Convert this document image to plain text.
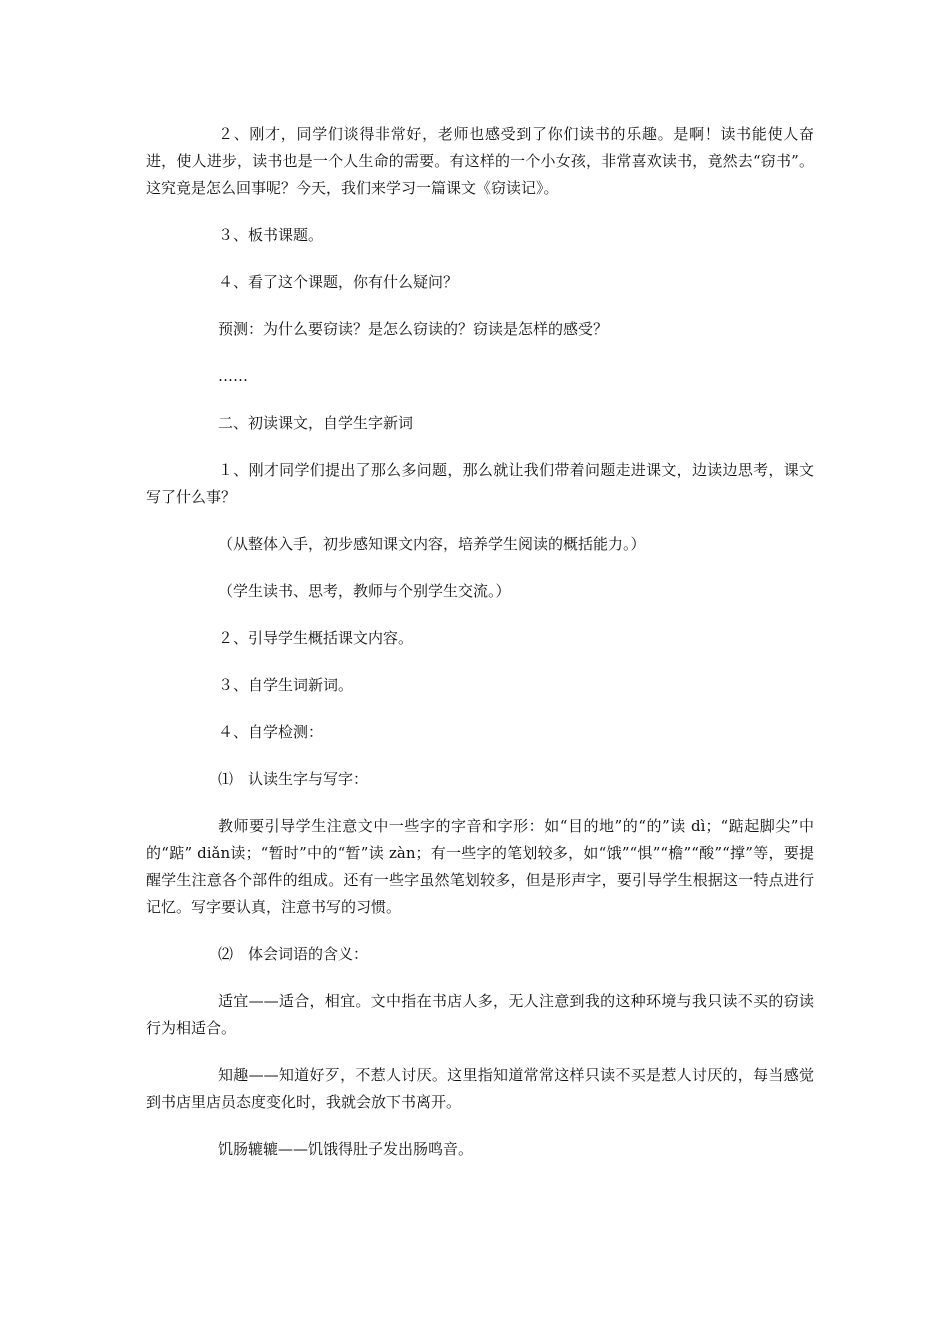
２、刚才，同学们谈得非常好，老师也感受到了你们读书的乐趣。是啊！读书能使人奋进，使人进步，读书也是一个人生命的需要。有这样的一个小女孩，非常喜欢读书，竟然去“窃书”。这究竟是怎么回事呢？今天，我们来学习一篇课文《窃读记》。

３、板书课题。

４、看了这个课题，你有什么疑问？

预测：为什么要窃读？是怎么窃读的？窃读是怎样的感受？

……

二、初读课文，自学生字新词

１、刚才同学们提出了那么多问题，那么就让我们带着问题走进课文，边读边思考，课文写了什么事？

（从整体入手，初步感知课文内容，培养学生阅读的概括能力。）

（学生读书、思考，教师与个别学生交流。）

２、引导学生概括课文内容。

３、自学生词新词。

４、自学检测：

⑴　认读生字与写字：

教师要引导学生注意文中一些字的字音和字形：如“目的地”的“的”读 dì；“踮起脚尖”中的“踮” diǎn读；“暂时”中的“暂”读 zàn；有一些字的笔划较多，如“饿”“惧”“檐”“酸”“撑”等，要提醒学生注意各个部件的组成。还有一些字虽然笔划较多，但是形声字，要引导学生根据这一特点进行记忆。写字要认真，注意书写的习惯。

⑵　体会词语的含义：

适宜——适合，相宜。文中指在书店人多，无人注意到我的这种环境与我只读不买的窃读行为相适合。

知趣——知道好歹，不惹人讨厌。这里指知道常常这样只读不买是惹人讨厌的，每当感觉到书店里店员态度变化时，我就会放下书离开。

饥肠辘辘——饥饿得肚子发出肠鸣音。
